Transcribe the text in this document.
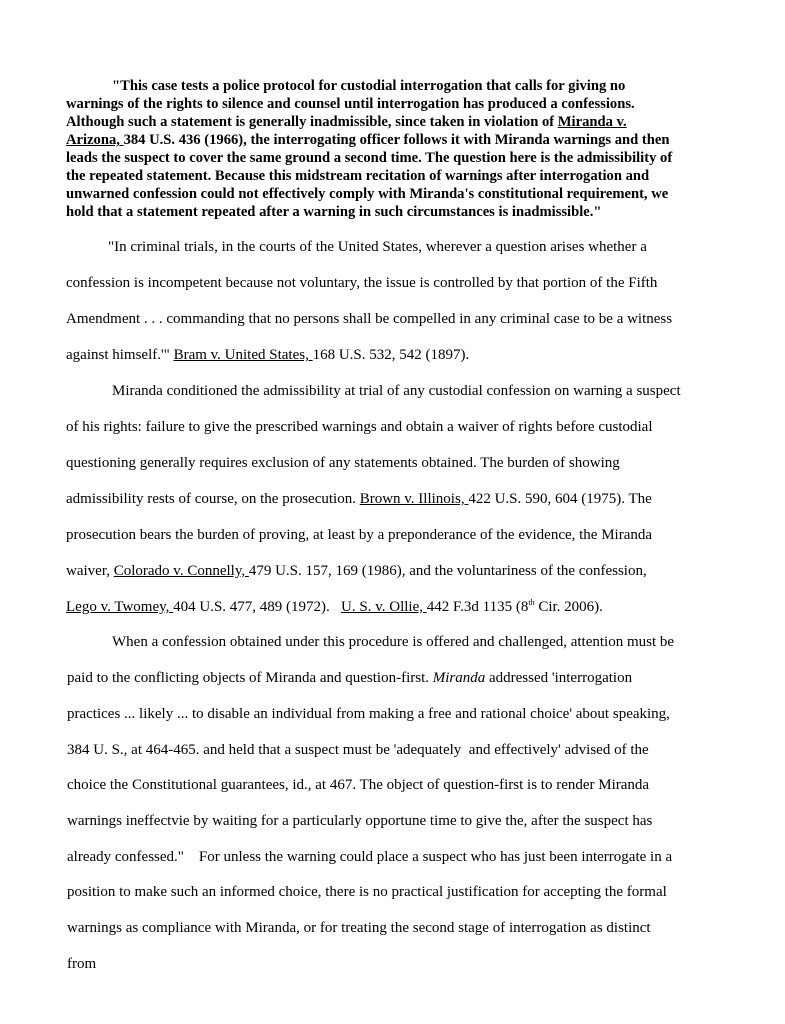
"This case tests a police protocol for custodial interrogation that calls for giving no
warnings of the rights to silence and counsel until interrogation has produced a confessions.
Although such a statement is generally inadmissible, since taken in violation of Miranda v.
Arizona, 384 U.S. 436 (1966), the interrogating officer follows it with Miranda warnings and then
leads the suspect to cover the same ground a second time. The question here is the admissibility of
the repeated statement. Because this midstream recitation of warnings after interrogation and
unwarned confession could not effectively comply with Miranda's constitutional requirement, we
hold that a statement repeated after a warning in such circumstances is inadmissible."
"In criminal trials, in the courts of the United States, wherever a question arises whether a
confession is incompetent because not voluntary, the issue is controlled by that portion of the Fifth
Amendment . . . commanding that no persons shall be compelled in any criminal case to be a witness
against himself.'" Bram v. United States, 168 U.S. 532, 542 (1897).
Miranda conditioned the admissibility at trial of any custodial confession on warning a suspect
of his rights: failure to give the prescribed warnings and obtain a waiver of rights before custodial
questioning generally requires exclusion of any statements obtained. The burden of showing
admissibility rests of course, on the prosecution. Brown v. Illinois, 422 U.S. 590, 604 (1975). The
prosecution bears the burden of proving, at least by a preponderance of the evidence, the Miranda
waiver, Colorado v. Connelly, 479 U.S. 157, 169 (1986), and the voluntariness of the confession,
Lego v. Twomey, 404 U.S. 477, 489 (1972).   U. S. v. Ollie, 442 F.3d 1135 (8th Cir. 2006).
When a confession obtained under this procedure is offered and challenged, attention must be
paid to the conflicting objects of Miranda and question-first. Miranda addressed 'interrogation
practices ... likely ... to disable an individual from making a free and rational choice' about speaking,
384 U. S., at 464-465. and held that a suspect must be 'adequately  and effectively' advised of the
choice the Constitutional guarantees, id., at 467. The object of question-first is to render Miranda
warnings ineffectvie by waiting for a particularly opportune time to give the, after the suspect has
already confessed."    For unless the warning could place a suspect who has just been interrogate in a
position to make such an informed choice, there is no practical justification for accepting the formal
warnings as compliance with Miranda, or for treating the second stage of interrogation as distinct
from
